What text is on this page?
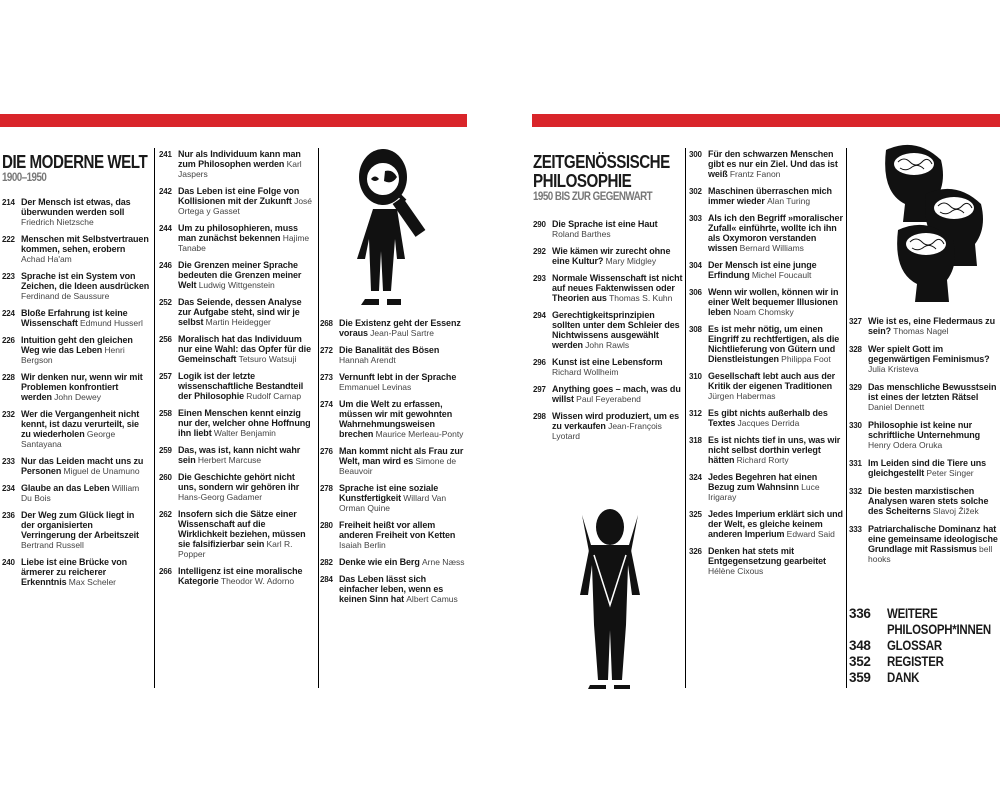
DIE MODERNE WELT
1900–1950
ZEITGENÖSSISCHE
PHILOSOPHIE
1950 BIS ZUR GEGENWART
214 Der Mensch ist etwas, das überwunden werden soll Friedrich Nietzsche
222 Menschen mit Selbstvertrauen kommen, sehen, erobern Achad Ha'am
223 Sprache ist ein System von Zeichen, die Ideen ausdrücken Ferdinand de Saussure
224 Bloße Erfahrung ist keine Wissenschaft Edmund Husserl
226 Intuition geht den gleichen Weg wie das Leben Henri Bergson
228 Wir denken nur, wenn wir mit Problemen konfrontiert werden John Dewey
232 Wer die Vergangenheit nicht kennt, ist dazu verurteilt, sie zu wiederholen George Santayana
233 Nur das Leiden macht uns zu Personen Miguel de Unamuno
234 Glaube an das Leben William Du Bois
236 Der Weg zum Glück liegt in der organisierten Verringerung der Arbeitszeit Bertrand Russell
240 Liebe ist eine Brücke von ärmerer zu reicherer Erkenntnis Max Scheler
241 Nur als Individuum kann man zum Philosophen werden Karl Jaspers
242 Das Leben ist eine Folge von Kollisionen mit der Zukunft José Ortega y Gasset
244 Um zu philosophieren, muss man zunächst bekennen Hajime Tanabe
246 Die Grenzen meiner Sprache bedeuten die Grenzen meiner Welt Ludwig Wittgenstein
252 Das Seiende, dessen Analyse zur Aufgabe steht, sind wir je selbst Martin Heidegger
256 Moralisch hat das Individuum nur eine Wahl: das Opfer für die Gemeinschaft Tetsuro Watsuji
257 Logik ist der letzte wissenschaftliche Bestandteil der Philosophie Rudolf Carnap
258 Einen Menschen kennt einzig nur der, welcher ohne Hoffnung ihn liebt Walter Benjamin
259 Das, was ist, kann nicht wahr sein Herbert Marcuse
260 Die Geschichte gehört nicht uns, sondern wir gehören ihr Hans-Georg Gadamer
262 Insofern sich die Sätze einer Wissenschaft auf die Wirklichkeit beziehen, müssen sie falsifizierbar sein Karl R. Popper
266 Intelligenz ist eine moralische Kategorie Theodor W. Adorno
268 Die Existenz geht der Essenz voraus Jean-Paul Sartre
272 Die Banalität des Bösen Hannah Arendt
273 Vernunft lebt in der Sprache Emmanuel Levinas
274 Um die Welt zu erfassen, müssen wir mit gewohnten Wahrnehmungsweisen brechen Maurice Merleau-Ponty
276 Man kommt nicht als Frau zur Welt, man wird es Simone de Beauvoir
278 Sprache ist eine soziale Kunstfertigkeit Willard Van Orman Quine
280 Freiheit heißt vor allem anderen Freiheit von Ketten Isaiah Berlin
282 Denke wie ein Berg Arne Næss
284 Das Leben lässt sich einfacher leben, wenn es keinen Sinn hat Albert Camus
290 Die Sprache ist eine Haut Roland Barthes
292 Wie kämen wir zurecht ohne eine Kultur? Mary Midgley
293 Normale Wissenschaft ist nicht auf neues Faktenwissen oder Theorien aus Thomas S. Kuhn
294 Gerechtigkeitsprinzipien sollten unter dem Schleier des Nichtwissens ausgewählt werden John Rawls
296 Kunst ist eine Lebensform Richard Wollheim
297 Anything goes – mach, was du willst Paul Feyerabend
298 Wissen wird produziert, um es zu verkaufen Jean-François Lyotard
300 Für den schwarzen Menschen gibt es nur ein Ziel. Und das ist weiß Frantz Fanon
302 Maschinen überraschen mich immer wieder Alan Turing
303 Als ich den Begriff »moralischer Zufall« einführte, wollte ich ihn als Oxymoron verstanden wissen Bernard Williams
304 Der Mensch ist eine junge Erfindung Michel Foucault
306 Wenn wir wollen, können wir in einer Welt bequemer Illusionen leben Noam Chomsky
308 Es ist mehr nötig, um einen Eingriff zu rechtfertigen, als die Nichtlieferung von Gütern und Dienstleistungen Philippa Foot
310 Gesellschaft lebt auch aus der Kritik der eigenen Traditionen Jürgen Habermas
312 Es gibt nichts außerhalb des Textes Jacques Derrida
318 Es ist nichts tief in uns, was wir nicht selbst dorthin verlegt hätten Richard Rorty
324 Jedes Begehren hat einen Bezug zum Wahnsinn Luce Irigaray
325 Jedes Imperium erklärt sich und der Welt, es gleiche keinem anderen Imperium Edward Said
326 Denken hat stets mit Entgegensetzung gearbeitet Hélène Cixous
327 Wie ist es, eine Fledermaus zu sein? Thomas Nagel
328 Wer spielt Gott im gegenwärtigen Feminismus? Julia Kristeva
329 Das menschliche Bewusstsein ist eines der letzten Rätsel Daniel Dennett
330 Philosophie ist keine nur schriftliche Unternehmung Henry Odera Oruka
331 Im Leiden sind die Tiere uns gleichgestellt Peter Singer
332 Die besten marxistischen Analysen waren stets solche des Scheiterns Slavoj Žižek
333 Patriarchalische Dominanz hat eine gemeinsame ideologische Grundlage mit Rassismus bell hooks
336	WEITERE
PHILOSOPH*INNEN
348	GLOSSAR
352	REGISTER
359	DANK
